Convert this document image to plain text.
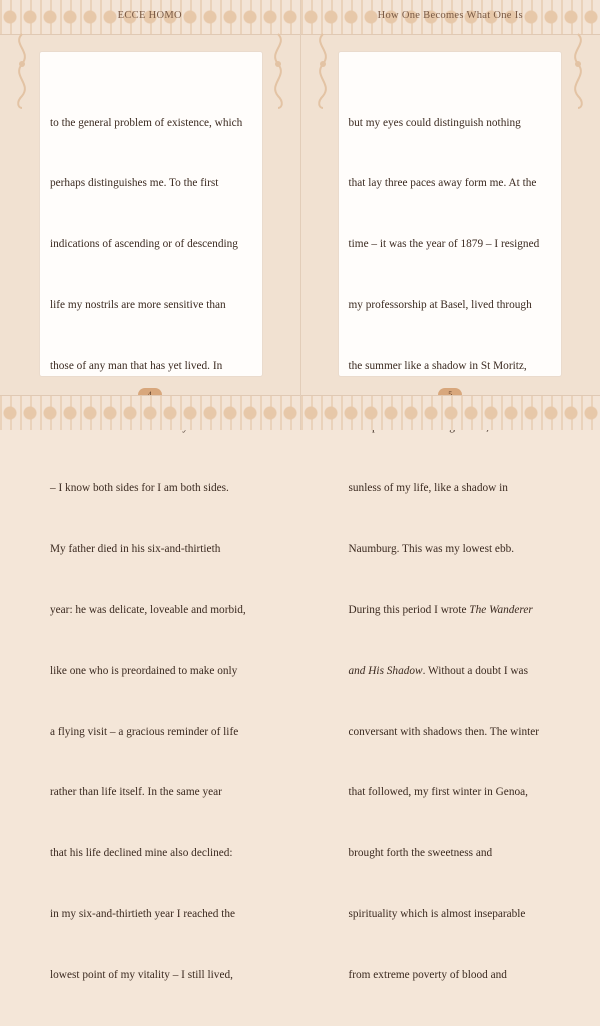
ECCE HOMO

to the general problem of existence, which

perhaps distinguishes me. To the first

indications of ascending or of descending

life my nostrils are more sensitive than

those of any man that has yet lived. In

– I know both sides for I am both sides.

My father died in his six-and-thirtieth

year: he was delicate, loveable and morbid,

like one who is preordained to make only

a flying visit – a gracious reminder of life

rather than life itself. In the same year

that his life declined mine also declined:

in my six-and-thirtieth year I reached the

lowest point of my vitality – I still lived,

How One Becomes What One Is

but my eyes could distinguish nothing

that lay three paces away form me. At the

time – it was the year of 1879 – I resigned

my professorship at Basel, lived through

the summer like a shadow in St Moritz,

sunless of my life, like a shadow in

Naumburg. This was my lowest ebb.

During this period I wrote The Wanderer

and His Shadow. Without a doubt I was

conversant with shadows then. The winter

that followed, my first winter in Genoa,

brought forth the sweetness and

spirituality which is almost inseparable

from extreme poverty of blood and
